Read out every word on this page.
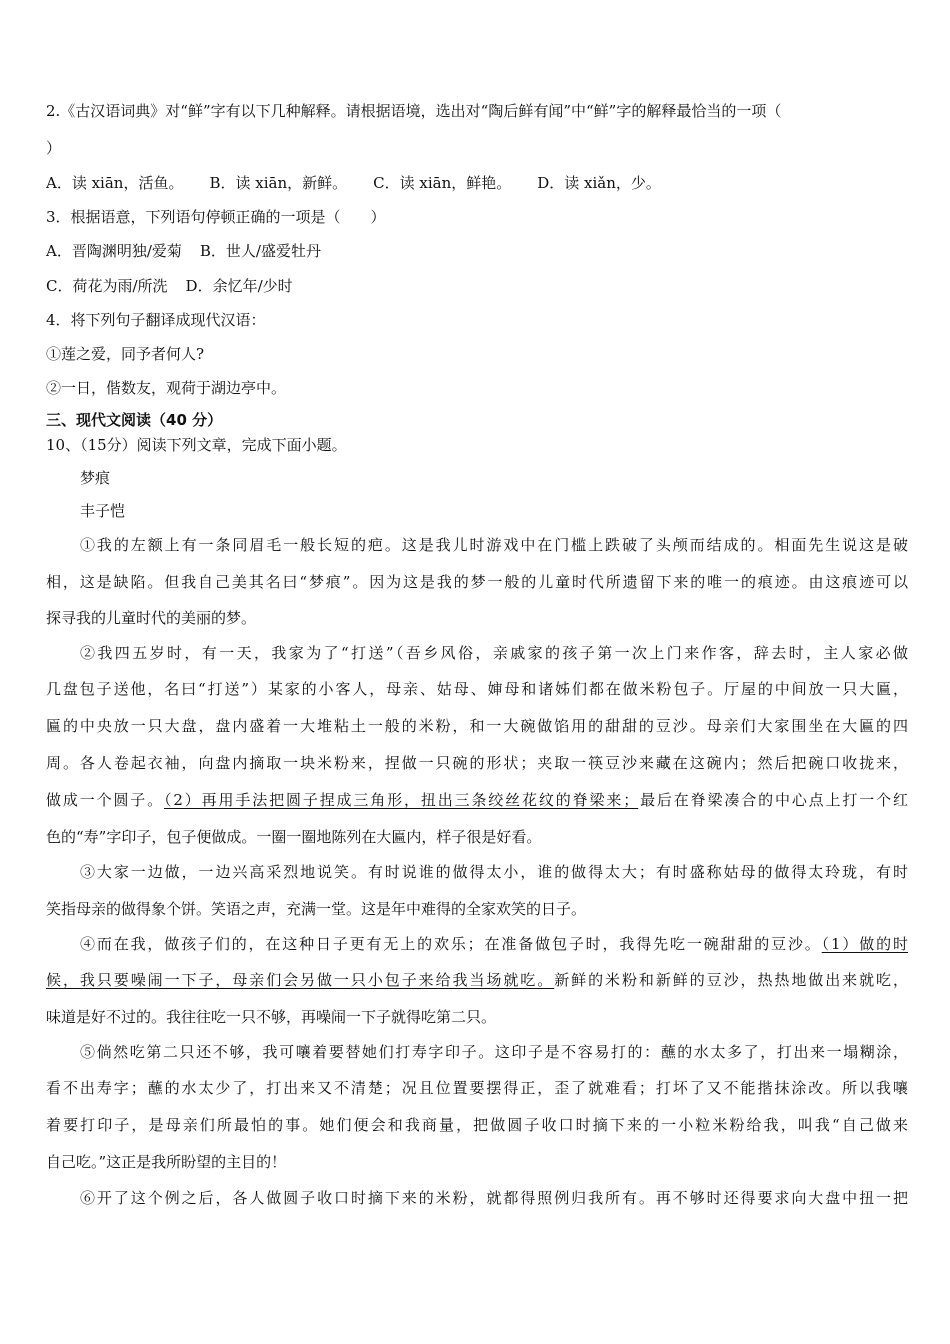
2.《古汉语词典》对“鲜”字有以下几种解释。请根据语境，选出对“陶后鲜有闻”中“鲜”字的解释最恰当的一项（
）
A．读 xiān，活鱼。 B．读 xiān，新鲜。 C．读 xiān，鲜艳。 D．读 xiǎn，少。
3．根据语意，下列语句停顿正确的一项是（　　）
A．晋陶渊明独/爱菊 B．世人/盛爱牡丹
C．荷花为雨/所洗 D．余忆年/少时
4．将下列句子翻译成现代汉语：
①莲之爱，同予者何人?
②一日，偕数友，观荷于湖边亭中。
三、现代文阅读（40 分）
10、（15分）阅读下列文章，完成下面小题。
梦痕
丰子恺
①我的左额上有一条同眉毛一般长短的疤。这是我儿时游戏中在门槛上跌破了头颅而结成的。相面先生说这是破
相，这是缺陷。但我自己美其名曰“梦痕”。因为这是我的梦一般的儿童时代所遗留下来的唯一的痕迹。由这痕迹可以
探寻我的儿童时代的美丽的梦。
②我四五岁时，有一天，我家为了“打送”（吾乡风俗，亲戚家的孩子第一次上门来作客，辞去时，主人家必做
几盘包子送他，名曰“打送”）某家的小客人，母亲、姑母、婶母和诸姊们都在做米粉包子。厅屋的中间放一只大匾，
匾的中央放一只大盘，盘内盛着一大堆粘土一般的米粉，和一大碗做馅用的甜甜的豆沙。母亲们大家围坐在大匾的四
周。各人卷起衣袖，向盘内摘取一块米粉来，捏做一只碗的形状；夹取一筷豆沙来藏在这碗内；然后把碗口收拢来，
做成一个圆子。（2）再用手法把圆子捏成三角形，扭出三条绞丝花纹的脊梁来；最后在脊梁凑合的中心点上打一个红
色的“寿”字印子，包子便做成。一圈一圈地陈列在大匾内，样子很是好看。
③大家一边做，一边兴高采烈地说笑。有时说谁的做得太小，谁的做得太大；有时盛称姑母的做得太玲珑，有时
笑指母亲的做得象个饼。笑语之声，充满一堂。这是年中难得的全家欢笑的日子。
④而在我，做孩子们的，在这种日子更有无上的欢乐；在准备做包子时，我得先吃一碗甜甜的豆沙。（1）做的时
候，我只要噪闹一下子，母亲们会另做一只小包子来给我当场就吃。新鲜的米粉和新鲜的豆沙，热热地做出来就吃，
味道是好不过的。我往往吃一只不够，再噪闹一下子就得吃第二只。
⑤倘然吃第二只还不够，我可嚷着要替她们打寿字印子。这印子是不容易打的：蘸的水太多了，打出来一塌糊涂，
看不出寿字；蘸的水太少了，打出来又不清楚；况且位置要摆得正，歪了就难看；打坏了又不能揩抹涂改。所以我嚷
着要打印子，是母亲们所最怕的事。她们便会和我商量，把做圆子收口时摘下来的一小粒米粉给我，叫我“自己做来
自己吃。”这正是我所盼望的主目的！
⑥开了这个例之后，各人做圆子收口时摘下来的米粉，就都得照例归我所有。再不够时还得要求向大盘中扭一把
